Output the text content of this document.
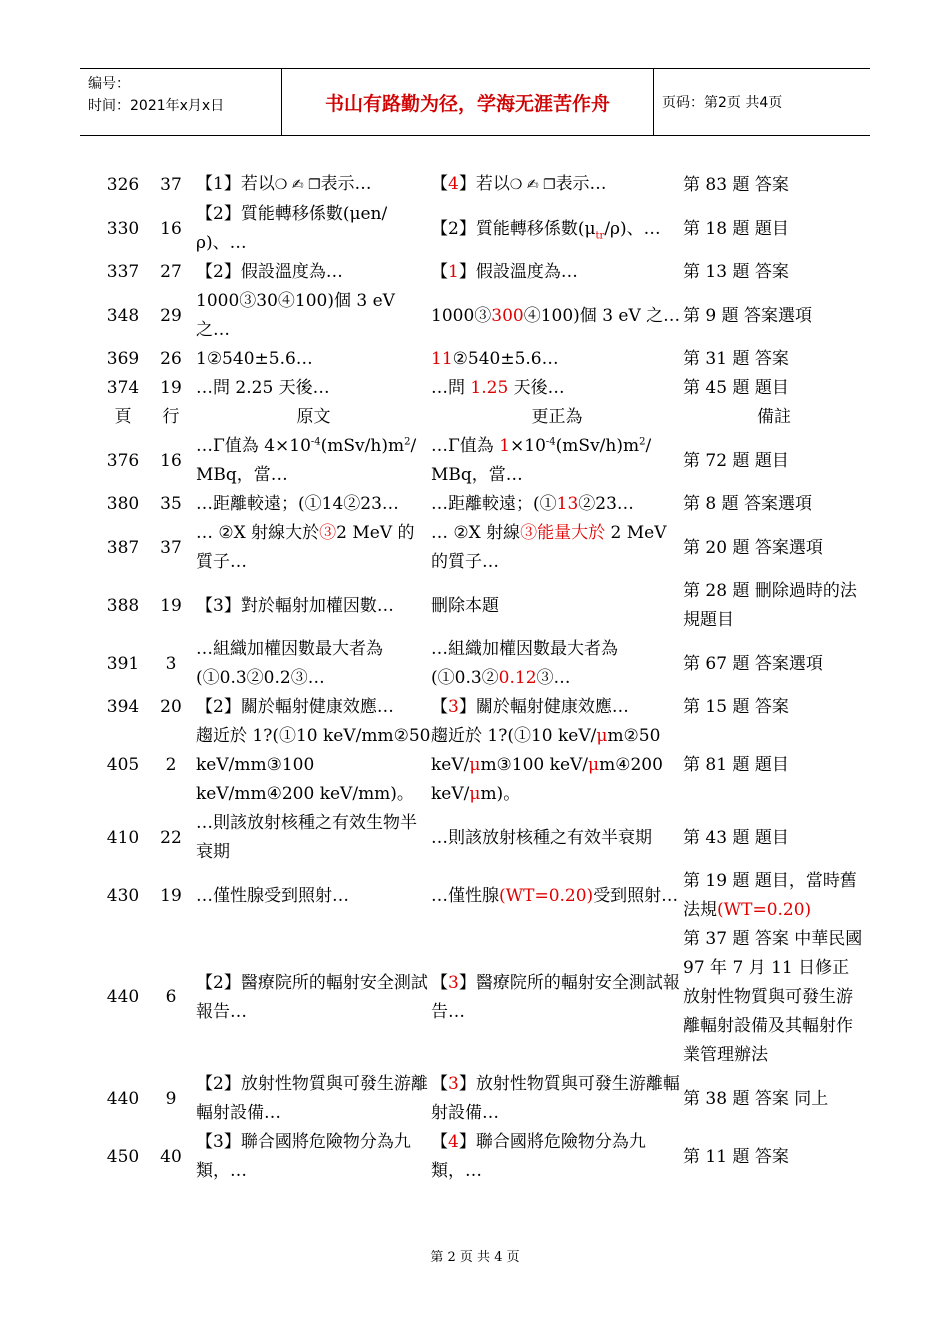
编号：
时间：2021年x月x日	书山有路勤为径，学海无涯苦作舟	页码：第2页 共4页
326	37	【1】若以❍ ✍ ❐表示…	【4】若以❍ ✍ ❐表示…	第 83 題 答案
330	16	【2】質能轉移係數(μen/ρ)、…	【2】質能轉移係數$(\mu_{tr}/\rho)$、…	第 18 題 題目
337	27	【2】假設溫度為…	【1】假設溫度為…	第 13 題 答案
348	29	1000③30④100)個 3 eV 之…	1000③300④100)個 3 eV 之…	第 9 題 答案選項
369	26	1②540±5.6…	11②540±5.6…	第 31 題 答案
374	19	…問 2.25 天後…	…問 1.25 天後…	第 45 題 題目
頁	行	原文	更正為	備註
376	16	…Γ值為 $4\times 10^{-4}(mSv/h)m^2/$ MBq，當…	…Γ值為 $1\times 10^{-4}(mSv/h)m^2/$ MBq，當…	第 72 題 題目
380	35	…距離較遠；(①14②23…	…距離較遠；(①13②23…	第 8 題 答案選項
387	37	… ②X 射線大於③2 MeV 的質子…	… ②X 射線③能量大於 2 MeV 的質子…	第 20 題 答案選項
388	19	【3】對於輻射加權因數…	刪除本題	第 28 題 刪除過時的法規題目
391	3	…組織加權因數最大者為(①0.3②0.2③…	…組織加權因數最大者為(①0.3②0.12③…	第 67 題 答案選項
394	20	【2】關於輻射健康效應…	【3】關於輻射健康效應…	第 15 題 答案
405	2	趨近於 1?(①10 keV/mm②50 keV/mm③100 keV/mm④200 keV/mm)。	趨近於 1?(①10 keV/μm②50 keV/μm③100 keV/μm④200 keV/μm)。	第 81 題 題目
410	22	…則該放射核種之有效生物半衰期	…則該放射核種之有效半衰期	第 43 題 題目
430	19	…僅性腺受到照射…	…僅性腺(WT=0.20)受到照射…	第 19 題 題目，當時舊法規(WT=0.20)
440	6	【2】醫療院所的輻射安全測試報告…	【3】醫療院所的輻射安全測試報告…	第 37 題 答案 中華民國 97 年 7 月 11 日修正放射性物質與可發生游離輻射設備及其輻射作業管理辦法
440	9	【2】放射性物質與可發生游離輻射設備…	【3】放射性物質與可發生游離輻射設備…	第 38 題 答案 同上
450	40	【3】聯合國將危險物分為九類，…	【4】聯合國將危險物分為九類，…	第 11 題 答案
第 2 页 共 4 页
